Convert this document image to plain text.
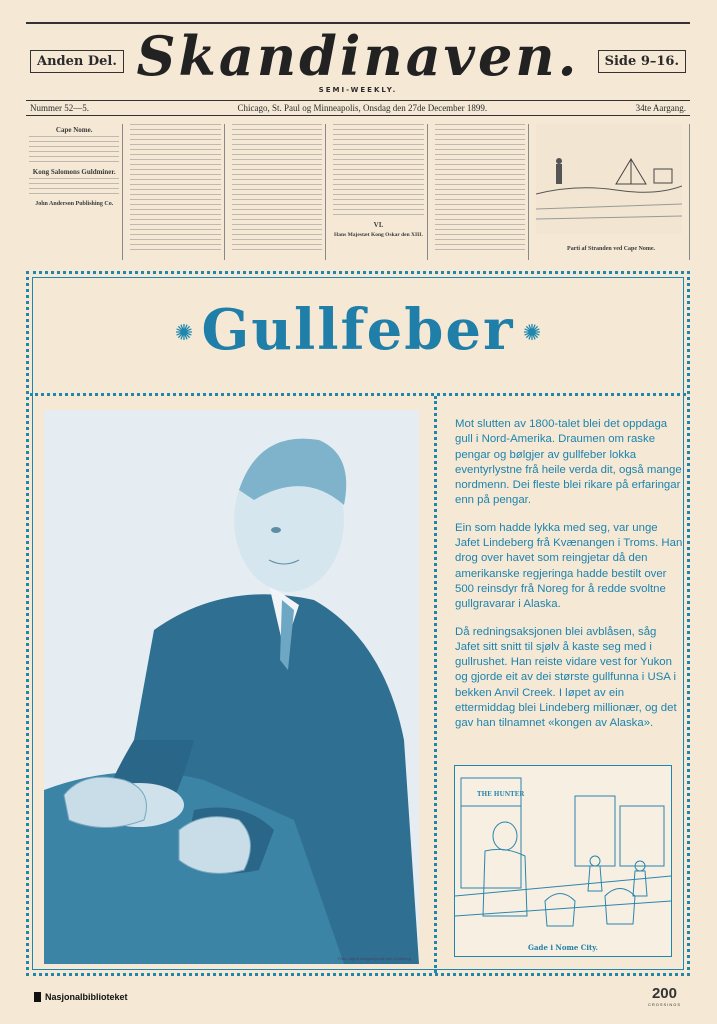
Anden Del. Skandinaven.
SEMI-WEEKLY.
Side 9–16.
Nummer 52—5.	Chicago, St. Paul og Minneapolis, Onsdag den 27de December 1899.	34te Aargang.
Cape Nome.
Kong Salomons Guldminer.
John Anderson Publishing Co.
VI.
Hans Majestæt Kong Oskar den XIII.
Parti af Stranden ved Cape Nome.
✺ Gullfeber ✺
Foto: ukjent fotograf/privat eie/ Lindeberg

Mot slutten av 1800-talet blei det oppdaga gull i Nord-Amerika. Draumen om raske pengar og bølgjer av gullfeber lokka eventyrlystne frå heile verda dit, også mange nordmenn. Dei fleste blei rikare på erfaringar enn på pengar.

Ein som hadde lykka med seg, var unge Jafet Lindeberg frå Kvænangen i Troms. Han drog over havet som reingjetar då den amerikanske regjeringa hadde bestilt over 500 reinsdyr frå Noreg for å redde svoltne gullgravarar i Alaska.

Då redningsaksjonen blei avblåsen, såg Jafet sitt snitt til sjølv å kaste seg med i gullrushet. Han reiste vidare vest for Yukon og gjorde eit av dei største gullfunna i USA i bekken Anvil Creek. I løpet av ein ettermiddag blei Lindeberg millionær, og det gav han tilnamnet «kongen av Alaska».

THE HUNTER
Gade i Nome City.
Nasjonalbiblioteket	200
CROSSINGS
